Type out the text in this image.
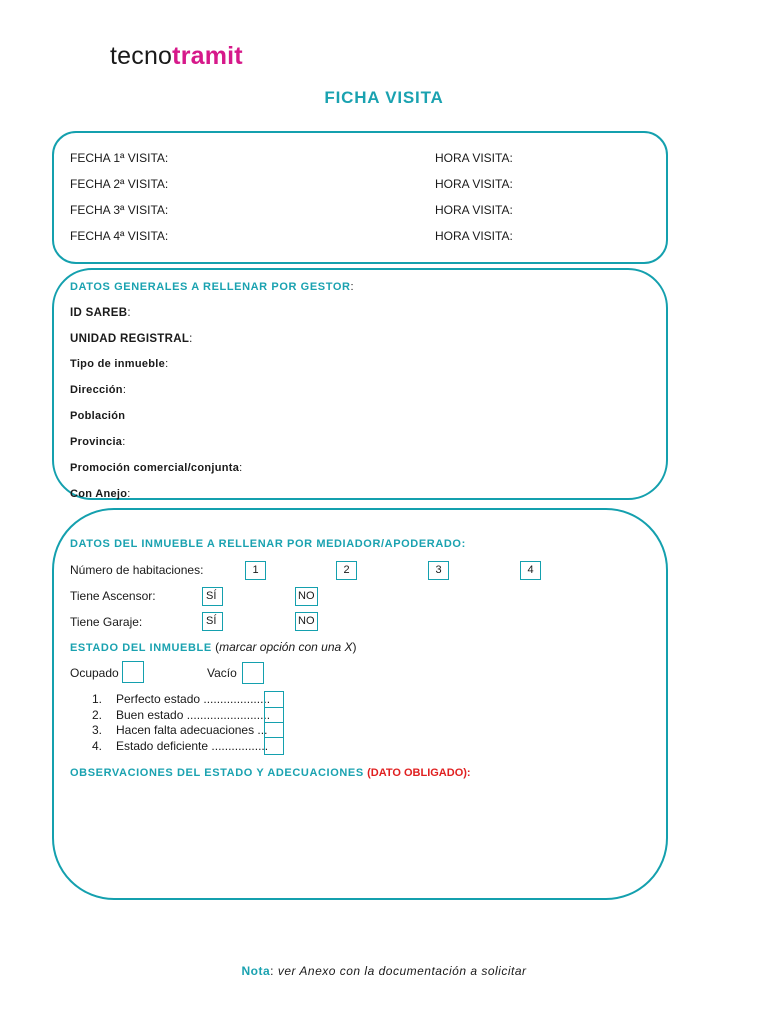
tecnotramit
FICHA VISITA
FECHA 1ª VISITA:	HORA VISITA:
FECHA 2ª VISITA:	HORA VISITA:
FECHA 3ª VISITA:	HORA VISITA:
FECHA 4ª VISITA:	HORA VISITA:
DATOS GENERALES A RELLENAR POR GESTOR:
ID SAREB:
UNIDAD REGISTRAL:
Tipo de inmueble:
Dirección:
Población
Provincia:
Promoción comercial/conjunta:
Con Anejo:
DATOS DEL INMUEBLE A RELLENAR POR MEDIADOR/APODERADO:
Número de habitaciones:	1	2	3	4
Tiene Ascensor:	SÍ	NO
Tiene Garaje:	SÍ	NO
ESTADO DEL INMUEBLE (marcar opción con una X)
Ocupado	Vacío
1. Perfecto estado ....................
2. Buen estado .........................
3. Hacen falta adecuaciones ...
4. Estado deficiente .................
OBSERVACIONES DEL ESTADO Y ADECUACIONES (DATO OBLIGADO):
Nota: ver Anexo con la documentación a solicitar
